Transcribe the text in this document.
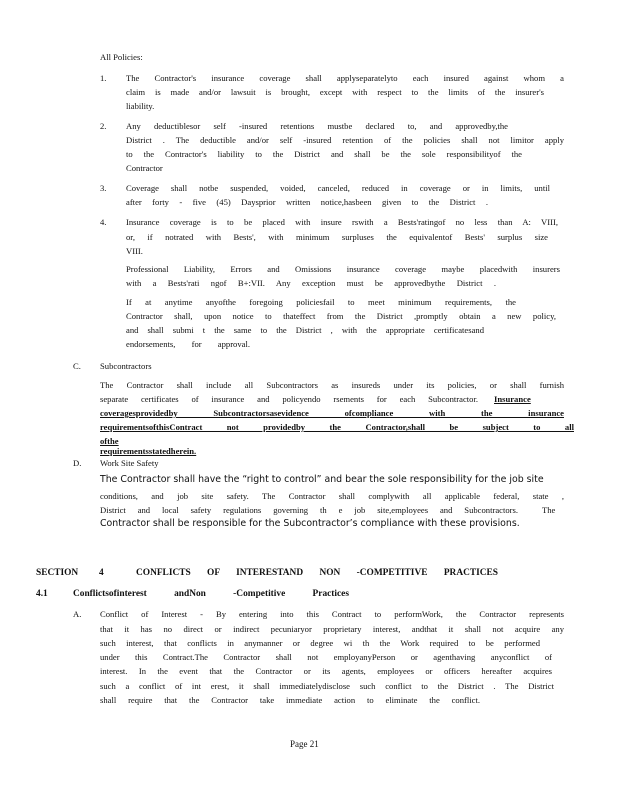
All Policies:
1. The Contractor's insurance coverage shall applyseparatelyto each insured against whom a
claim is made and/or lawsuit is brought, except with respect to the limits of the insurer's
liability.
2. Any deductiblesor self -insured retentions mustbe declared to, and approvedby,the
District . The deductible and/or self -insured retention of the policies shall not limitor apply
to the Contractor's liability to the District and shall be the sole responsibilityof the
Contractor
3. Coverage shall notbe suspended, voided, canceled, reduced in coverage or in limits, until
after forty - five (45) Daysprior written notice,hasbeen given to the District .
4. Insurance coverage is to be placed with insure rswith a Bests'ratingof no less than A: VIII,
or, if notrated with Bests', with minimum surpluses the equivalentof Bests' surplus size
VIII.
Professional Liability, Errors and Omissions insurance coverage maybe placedwith insurers
with a Bests'rati ngof B+:VII. Any exception must be approvedbythe District .
If at anytime anyofthe foregoing policiesfail to meet minimum requirements, the
Contractor shall, upon notice to thateffect from the District ,promptly obtain a new policy,
and shall submi t the same to the District , with the appropriate certificatesand
endorsements, for approval.
C. Subcontractors
The Contractor shall include all Subcontractors as insureds under its policies, or shall furnish
separate certificates of insurance and policyendo rsements for each Subcontractor. Insurance
coveragesprovidedby Subcontractorsasevidence ofcompliance with the insurance
requirementsofthisContract not providedby the Contractor,shall be subject to all
ofthe requirementsstatedherein.
D. Work Site Safety
The Contractor shall have the “right to control” and bear the sole responsibility for the job site
conditions, and job site safety. The Contractor shall complywith all applicable federal, state ,
District and local safety regulations governing th e job site,employees and Subcontractors.	The
Contractor shall be responsible for the Subcontractor’s compliance with these provisions.
SECTION 4	CONFLICTS OF INTERESTAND NON -COMPETITIVE PRACTICES
4.1	Conflictsofinterest andNon -Competitive Practices
A. Conflict of Interest - By entering into this Contract to performWork, the Contractor represents
that it has no direct or indirect pecuniaryor proprietary interest, andthat it shall not acquire any
such interest, that conflicts in anymanner or degree wi th the Work required to be performed
under this Contract.The Contractor shall not employanyPerson or agenthaving anyconflict of
interest. In the event that the Contractor or its agents, employees or officers hereafter acquires
such a conflict of int erest, it shall immediatelydisclose such conflict to the District . The District
shall require that the Contractor take immediate action to eliminate the conflict.
Page 21
